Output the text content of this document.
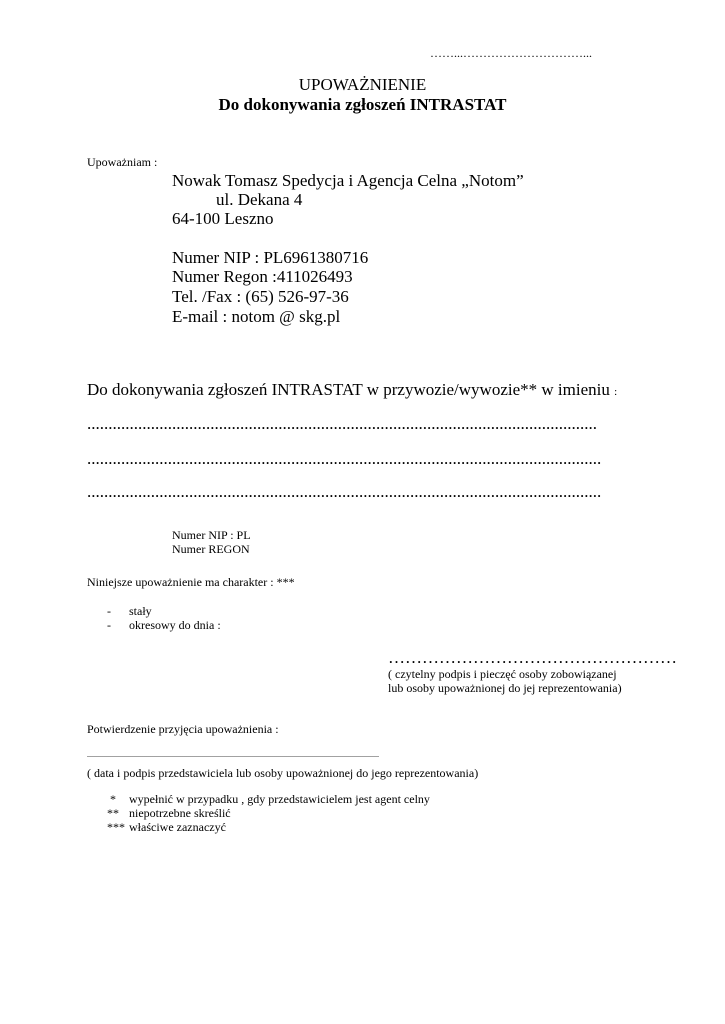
……...…………………………...
UPOWAŻNIENIE
Do dokonywania zgłoszeń INTRASTAT
Upoważniam :
Nowak Tomasz Spedycja i Agencja Celna „Notom”
ul. Dekana 4
64-100 Leszno
Numer NIP : PL6961380716
Numer Regon :411026493
Tel. /Fax : (65) 526-97-36
E-mail : notom @ skg.pl
Do dokonywania zgłoszeń INTRASTAT w przywozie/wywozie** w imieniu :
........................................................................................................................
.........................................................................................................................
.........................................................................................................................
Numer NIP : PL
Numer REGON
Niniejsze upoważnienie ma charakter : ***
- stały
- okresowy do dnia :
……………………………………………
( czytelny podpis i pieczęć osoby zobowiązanej
lub osoby upoważnionej do jej reprezentowania)
Potwierdzenie przyjęcia upoważnienia :
..................................................................................................................................................
( data i podpis przedstawiciela lub osoby upoważnionej do jego reprezentowania)
* wypełnić w przypadku , gdy przedstawicielem jest agent celny
** niepotrzebne skreślić
*** właściwe zaznaczyć
